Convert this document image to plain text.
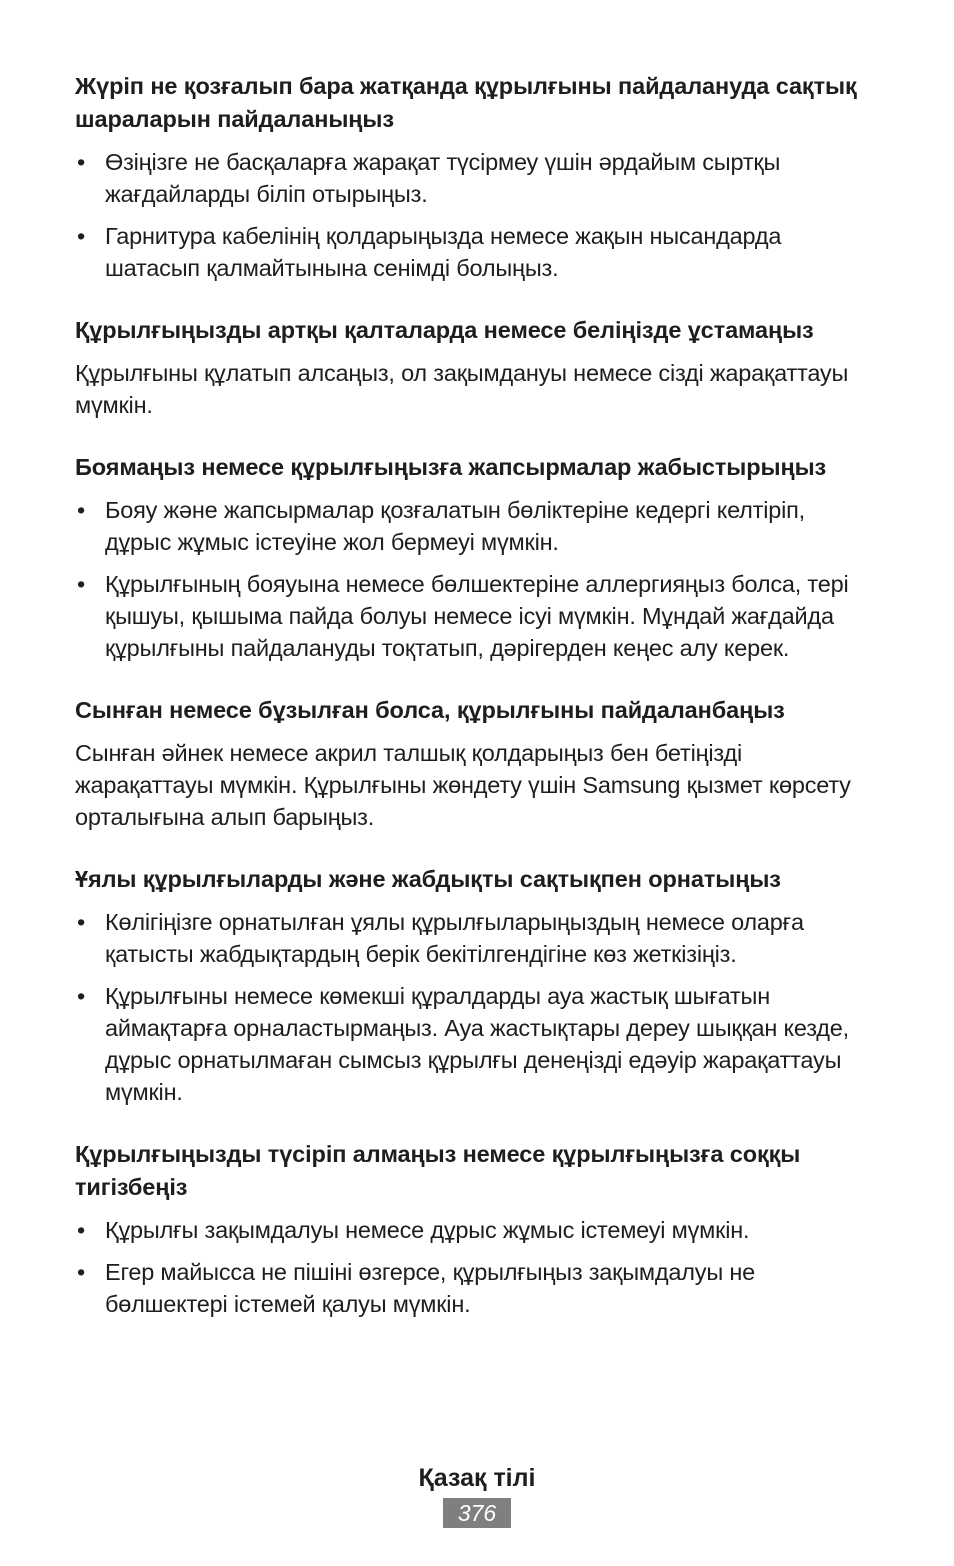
Жүріп не қозғалып бара жатқанда құрылғыны пайдалануда сақтық шараларын пайдаланыңыз
• Өзіңізге не басқаларға жарақат түсірмеу үшін әрдайым сыртқы жағдайларды біліп отырыңыз.
• Гарнитура кабелінің қолдарыңызда немесе жақын нысандарда шатасып қалмайтынына сенімді болыңыз.
Құрылғыңызды артқы қалталарда немесе беліңізде ұстамаңыз

Құрылғыны құлатып алсаңыз, ол зақымдануы немесе сізді жарақаттауы мүмкін.

Боямаңыз немесе құрылғыңызға жапсырмалар жабыстырыңыз
• Бояу және жапсырмалар қозғалатын бөліктеріне кедергі келтіріп, дұрыс жұмыс істеуіне жол бермеуі мүмкін.
• Құрылғының бояуына немесе бөлшектеріне аллергияңыз болса, тері қышуы, қышыма пайда болуы немесе ісуі мүмкін. Мұндай жағдайда құрылғыны пайдалануды тоқтатып, дәрігерден кеңес алу керек.
Сынған немесе бұзылған болса, құрылғыны пайдаланбаңыз

Сынған әйнек немесе акрил талшық қолдарыңыз бен бетіңізді жарақаттауы мүмкін. Құрылғыны жөндету үшін Samsung қызмет көрсету орталығына алып барыңыз.

Ұялы құрылғыларды және жабдықты сақтықпен орнатыңыз
• Көлігіңізге орнатылған ұялы құрылғыларыңыздың немесе оларға қатысты жабдықтардың берік бекітілгендігіне көз жеткізіңіз.
• Құрылғыны немесе көмекші құралдарды ауа жастық шығатын аймақтарға орналастырмаңыз. Ауа жастықтары дереу шыққан кезде, дұрыс орнатылмаған сымсыз құрылғы денеңізді едәуір жарақаттауы мүмкін.
Құрылғыңызды түсіріп алмаңыз немесе құрылғыңызға соққы тигізбеңіз
• Құрылғы зақымдалуы немесе дұрыс жұмыс істемеуі мүмкін.
• Егер майысса не пішіні өзгерсе, құрылғыңыз зақымдалуы не бөлшектері істемей қалуы мүмкін.
Қазақ тілі
376
